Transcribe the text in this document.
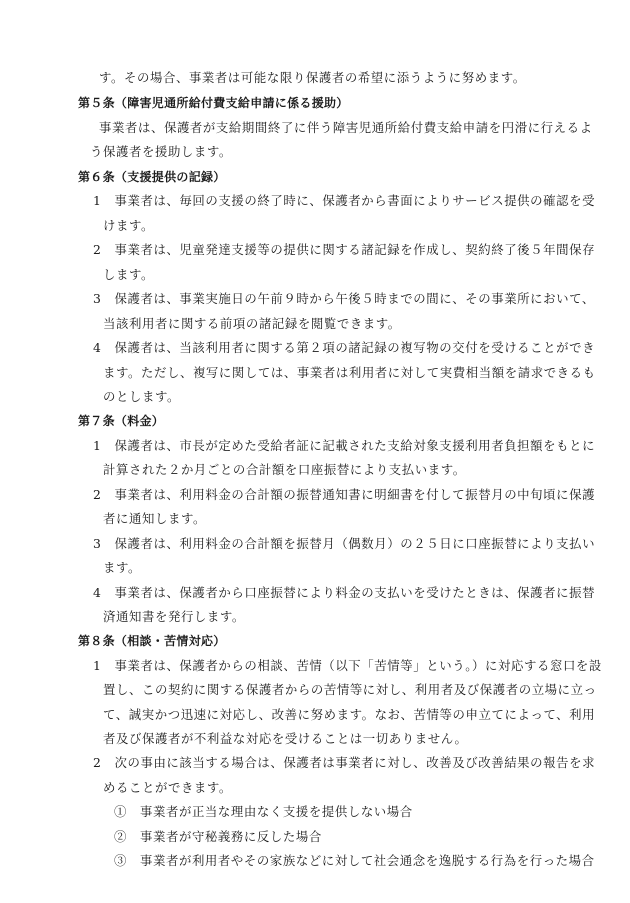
す。その場合、事業者は可能な限り保護者の希望に添うように努めます。
第５条（障害児通所給付費支給申請に係る援助）
事業者は、保護者が支給期間終了に伴う障害児通所給付費支給申請を円滑に行えるよ
う保護者を援助します。
第６条（支援提供の記録）
1　事業者は、毎回の支援の終了時に、保護者から書面によりサービス提供の確認を受
けます。
2　事業者は、児童発達支援等の提供に関する諸記録を作成し、契約終了後５年間保存
します。
3　保護者は、事業実施日の午前９時から午後５時までの間に、その事業所において、
当該利用者に関する前項の諸記録を閲覧できます。
4　保護者は、当該利用者に関する第２項の諸記録の複写物の交付を受けることができ
ます。ただし、複写に関しては、事業者は利用者に対して実費相当額を請求できるも
のとします。
第７条（料金）
1　保護者は、市長が定めた受給者証に記載された支給対象支援利用者負担額をもとに
計算された２か月ごとの合計額を口座振替により支払います。
2　事業者は、利用料金の合計額の振替通知書に明細書を付して振替月の中旬頃に保護
者に通知します。
3　保護者は、利用料金の合計額を振替月（偶数月）の２５日に口座振替により支払い
ます。
4　事業者は、保護者から口座振替により料金の支払いを受けたときは、保護者に振替
済通知書を発行します。
第８条（相談・苦情対応）
1　事業者は、保護者からの相談、苦情（以下「苦情等」という。）に対応する窓口を設
置し、この契約に関する保護者からの苦情等に対し、利用者及び保護者の立場に立っ
て、誠実かつ迅速に対応し、改善に努めます。なお、苦情等の申立てによって、利用
者及び保護者が不利益な対応を受けることは一切ありません。
2　次の事由に該当する場合は、保護者は事業者に対し、改善及び改善結果の報告を求
めることができます。
①　事業者が正当な理由なく支援を提供しない場合
②　事業者が守秘義務に反した場合
③　事業者が利用者やその家族などに対して社会通念を逸脱する行為を行った場合
